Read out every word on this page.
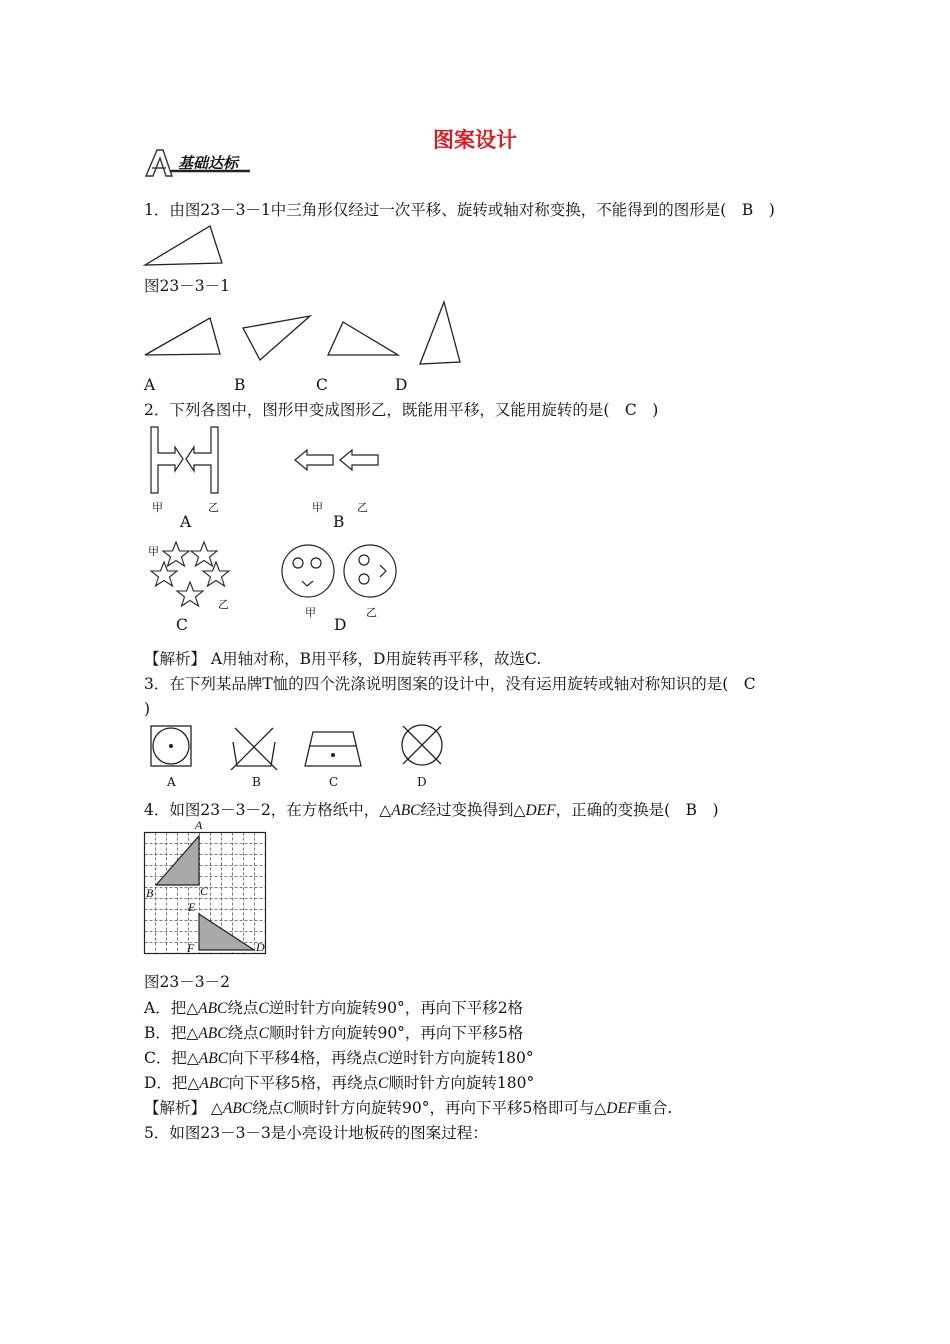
图案设计
基础达标
1．由图23－3－1中三角形仅经过一次平移、旋转或轴对称变换，不能得到的图形是(　B　)
图23－3－1
A	B	C	D
2．下列各图中，图形甲变成图形乙，既能用平移，又能用旋转的是(　C　)
甲	乙
A
甲	乙
B
甲
乙
C
甲	乙
D
【解析】 A用轴对称，B用平移，D用旋转再平移，故选C.
3．在下列某品牌T恤的四个洗涤说明图案的设计中，没有运用旋转或轴对称知识的是(　C
)
A	B	C	D
4．如图23－3－2，在方格纸中，△ABC经过变换得到△DEF，正确的变换是(　B　)
A
B	C
E
F	D
图23－3－2
A．把△ABC绕点C逆时针方向旋转90°，再向下平移2格
B．把△ABC绕点C顺时针方向旋转90°，再向下平移5格
C．把△ABC向下平移4格，再绕点C逆时针方向旋转180°
D．把△ABC向下平移5格，再绕点C顺时针方向旋转180°
【解析】 △ABC绕点C顺时针方向旋转90°，再向下平移5格即可与△DEF重合.
5．如图23－3－3是小亮设计地板砖的图案过程：
